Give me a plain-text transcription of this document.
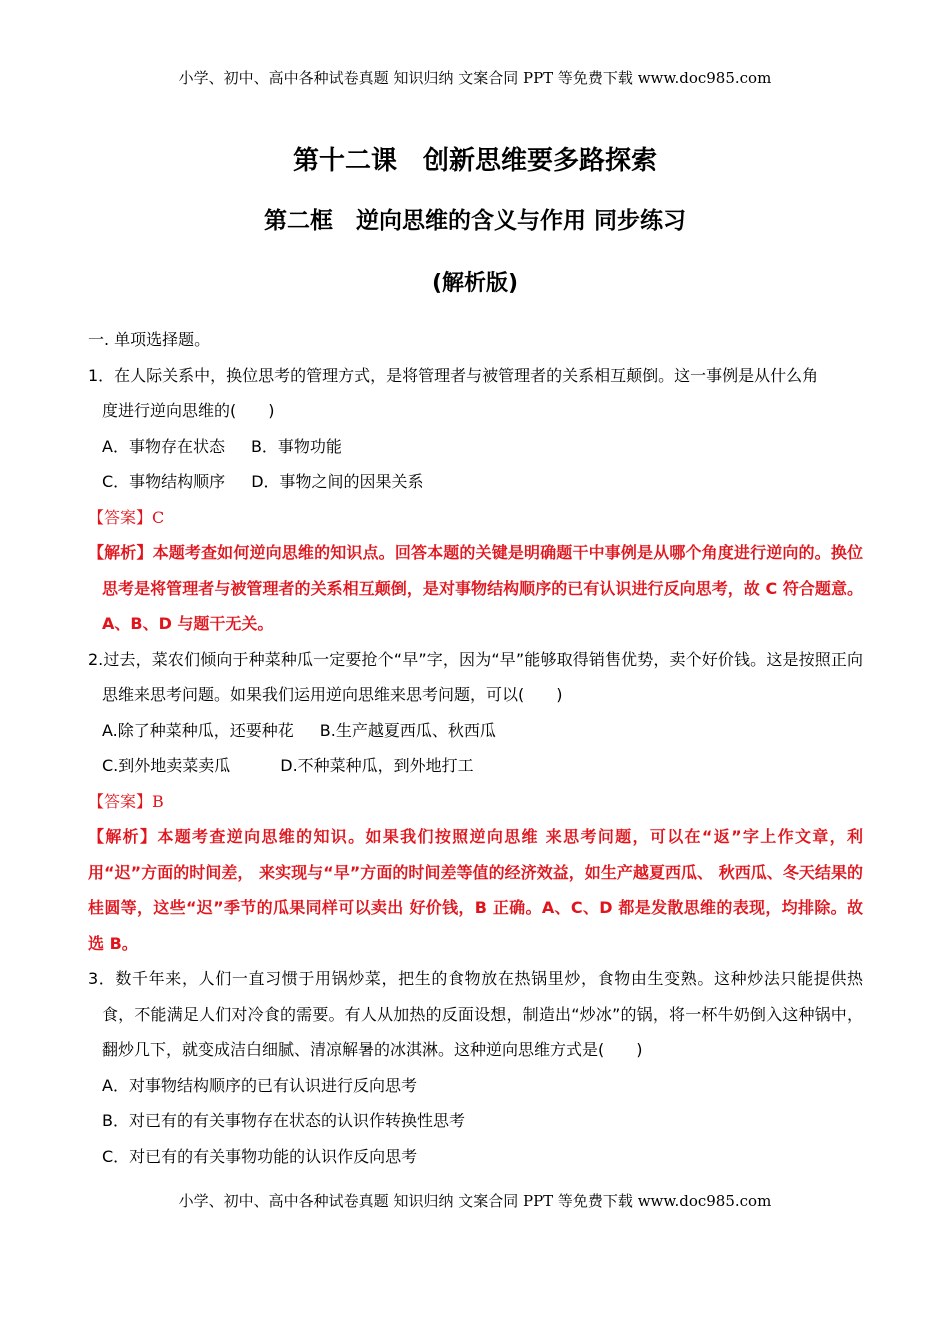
小学、初中、高中各种试卷真题 知识归纳 文案合同 PPT 等免费下载 www.doc985.com
第十二课　创新思维要多路探索
第二框　逆向思维的含义与作用 同步练习
(解析版)
一. 单项选择题。
1．在人际关系中，换位思考的管理方式，是将管理者与被管理者的关系相互颠倒。这一事例是从什么角
度进行逆向思维的(　　)
A．事物存在状态 B．事物功能
C．事物结构顺序 D．事物之间的因果关系
【答案】C
【解析】本题考查如何逆向思维的知识点。回答本题的关键是明确题干中事例是从哪个角度进行逆向的。换位思考是将管理者与被管理者的关系相互颠倒，是对事物结构顺序的已有认识进行反向思考，故 C 符合题意。A、B、D 与题干无关。
2.过去，菜农们倾向于种菜种瓜一定要抢个“早”字，因为“早”能够取得销售优势，卖个好价钱。这是按照正向思维来思考问题。如果我们运用逆向思维来思考问题，可以(　　)
A.除了种菜种瓜，还要种花 B.生产越夏西瓜、秋西瓜
C.到外地卖菜卖瓜	D.不种菜种瓜，到外地打工
【答案】B
【解析】本题考查逆向思维的知识。如果我们按照逆向思维 来思考问题，可以在“返”字上作文章，利用“迟”方面的时间差， 来实现与“早”方面的时间差等值的经济效益，如生产越夏西瓜、 秋西瓜、冬天结果的桂圆等，这些“迟”季节的瓜果同样可以卖出 好价钱，B 正确。A、C、D 都是发散思维的表现，均排除。故选 B。
3．数千年来，人们一直习惯于用锅炒菜，把生的食物放在热锅里炒，食物由生变熟。这种炒法只能提供热食，不能满足人们对冷食的需要。有人从加热的反面设想，制造出“炒冰”的锅，将一杯牛奶倒入这种锅中，翻炒几下，就变成洁白细腻、清凉解暑的冰淇淋。这种逆向思维方式是(　　)
A．对事物结构顺序的已有认识进行反向思考
B．对已有的有关事物存在状态的认识作转换性思考
C．对已有的有关事物功能的认识作反向思考
小学、初中、高中各种试卷真题 知识归纳 文案合同 PPT 等免费下载 www.doc985.com
